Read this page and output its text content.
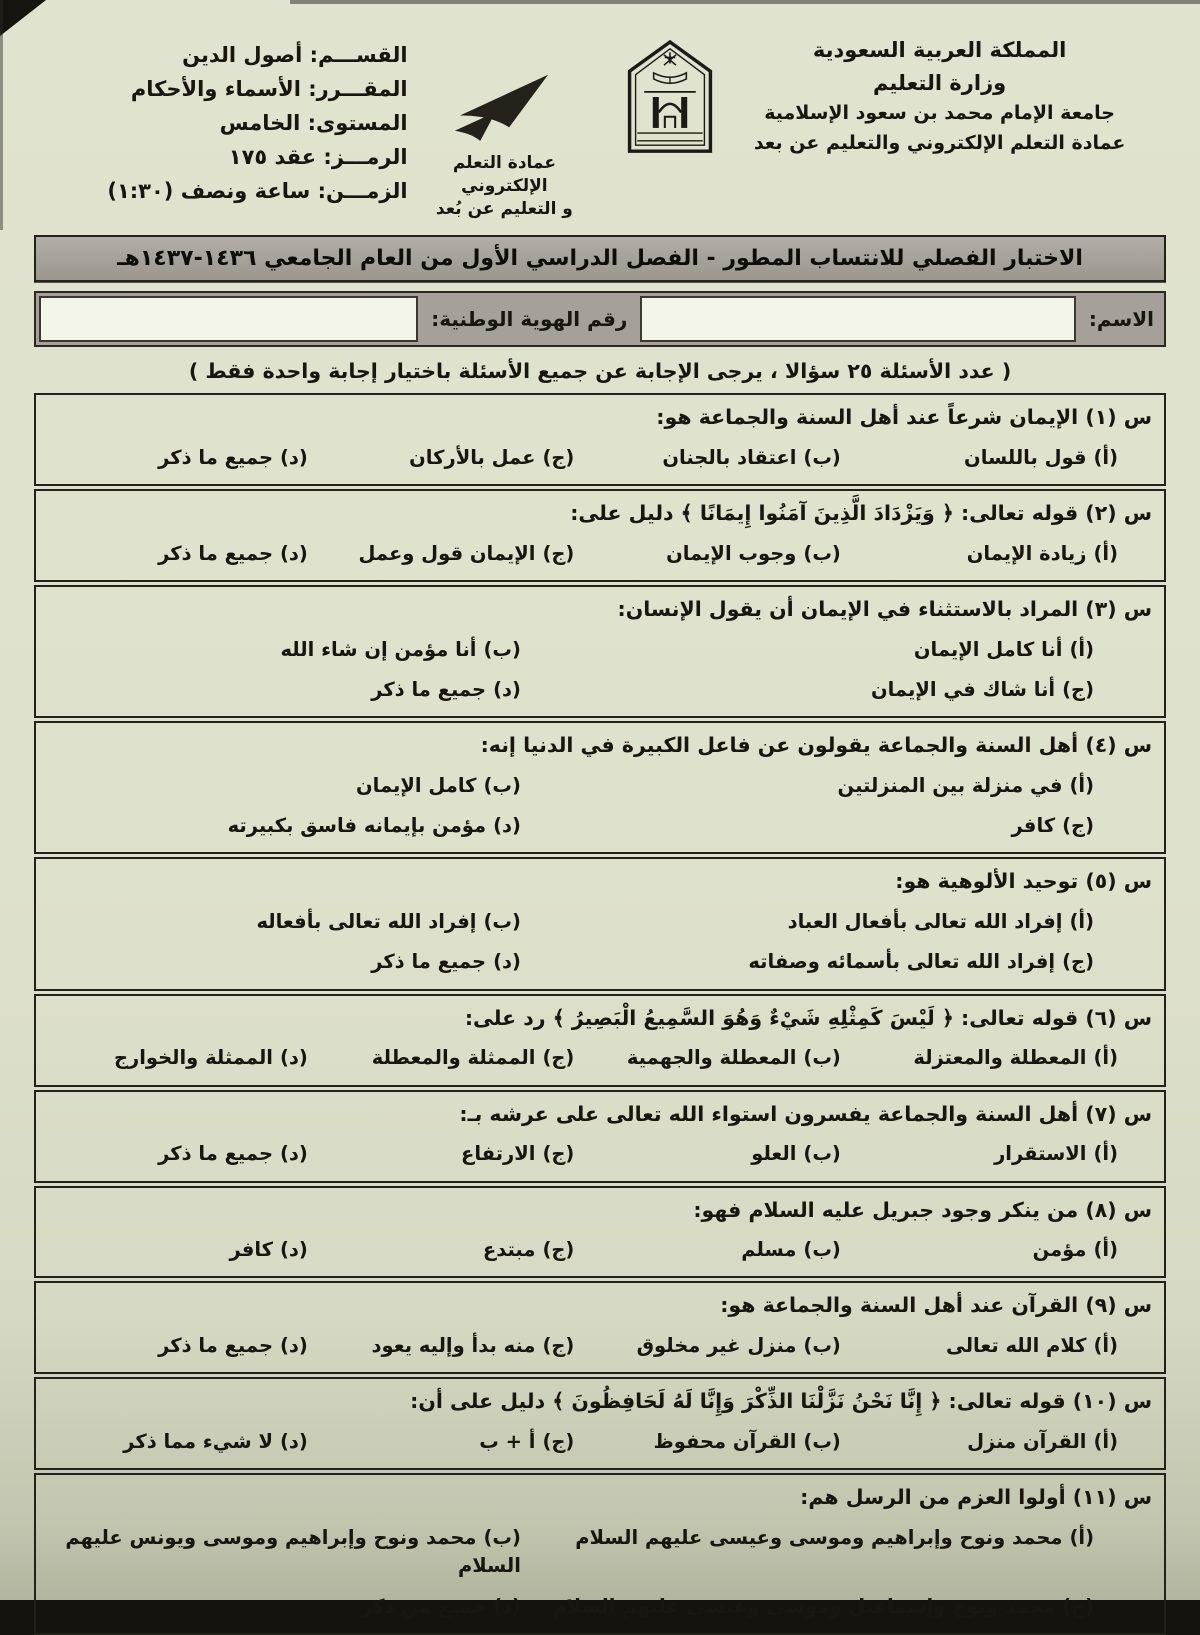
المملكة العربية السعودية
وزارة التعليم
جامعة الإمام محمد بن سعود الإسلامية
عمادة التعلم الإلكتروني والتعليم عن بعد
عمادة التعلم الإلكتروني
و التعليم عن بُعد
القســـم: أصول الدين
المقـــرر: الأسماء والأحكام
المستوى: الخامس
الرمـــز: عقد ١٧٥
الزمـــن: ساعة ونصف (١:٣٠)
الاختبار الفصلي للانتساب المطور - الفصل الدراسي الأول من العام الجامعي ١٤٣٦-١٤٣٧هـ
الاسم:
رقم الهوية الوطنية:
( عدد الأسئلة ٢٥ سؤالا ، يرجى الإجابة عن جميع الأسئلة باختيار إجابة واحدة فقط )
س (١) الإيمان شرعاً عند أهل السنة والجماعة هو:
(أ)قول باللسان
(ب)اعتقاد بالجنان
(ج)عمل بالأركان
(د)جميع ما ذكر
س (٢) قوله تعالى: ﴿ وَيَزْدَادَ الَّذِينَ آمَنُوا إِيمَانًا ﴾ دليل على:
(أ)زيادة الإيمان
(ب)وجوب الإيمان
(ج)الإيمان قول وعمل
(د)جميع ما ذكر
س (٣) المراد بالاستثناء في الإيمان أن يقول الإنسان:
(أ)أنا كامل الإيمان
(ب)أنا مؤمن إن شاء الله
(ج)أنا شاك في الإيمان
(د)جميع ما ذكر
س (٤) أهل السنة والجماعة يقولون عن فاعل الكبيرة في الدنيا إنه:
(أ)في منزلة بين المنزلتين
(ب)كامل الإيمان
(ج)كافر
(د)مؤمن بإيمانه فاسق بكبيرته
س (٥) توحيد الألوهية هو:
(أ)إفراد الله تعالى بأفعال العباد
(ب)إفراد الله تعالى بأفعاله
(ج)إفراد الله تعالى بأسمائه وصفاته
(د)جميع ما ذكر
س (٦) قوله تعالى: ﴿ لَيْسَ كَمِثْلِهِ شَيْءٌ وَهُوَ السَّمِيعُ الْبَصِيرُ ﴾ رد على:
(أ)المعطلة والمعتزلة
(ب)المعطلة والجهمية
(ج)الممثلة والمعطلة
(د)الممثلة والخوارج
س (٧) أهل السنة والجماعة يفسرون استواء الله تعالى على عرشه بـ:
(أ)الاستقرار
(ب)العلو
(ج)الارتفاع
(د)جميع ما ذكر
س (٨) من ينكر وجود جبريل عليه السلام فهو:
(أ)مؤمن
(ب)مسلم
(ج)مبتدع
(د)كافر
س (٩) القرآن عند أهل السنة والجماعة هو:
(أ)كلام الله تعالى
(ب)منزل غير مخلوق
(ج)منه بدأ وإليه يعود
(د)جميع ما ذكر
س (١٠) قوله تعالى: ﴿ إِنَّا نَحْنُ نَزَّلْنَا الذِّكْرَ وَإِنَّا لَهُ لَحَافِظُونَ ﴾ دليل على أن:
(أ)القرآن منزل
(ب)القرآن محفوظ
(ج)أ + ب
(د)لا شيء مما ذكر
س (١١) أولوا العزم من الرسل هم:
(أ)محمد ونوح وإبراهيم وموسى وعيسى عليهم السلام
(ب)محمد ونوح وإبراهيم وموسى ويونس عليهم السلام
(ج)محمد ونوح وإسماعيل وموسى وعيسى عليهم السلام
(د)جميع من ذكر
